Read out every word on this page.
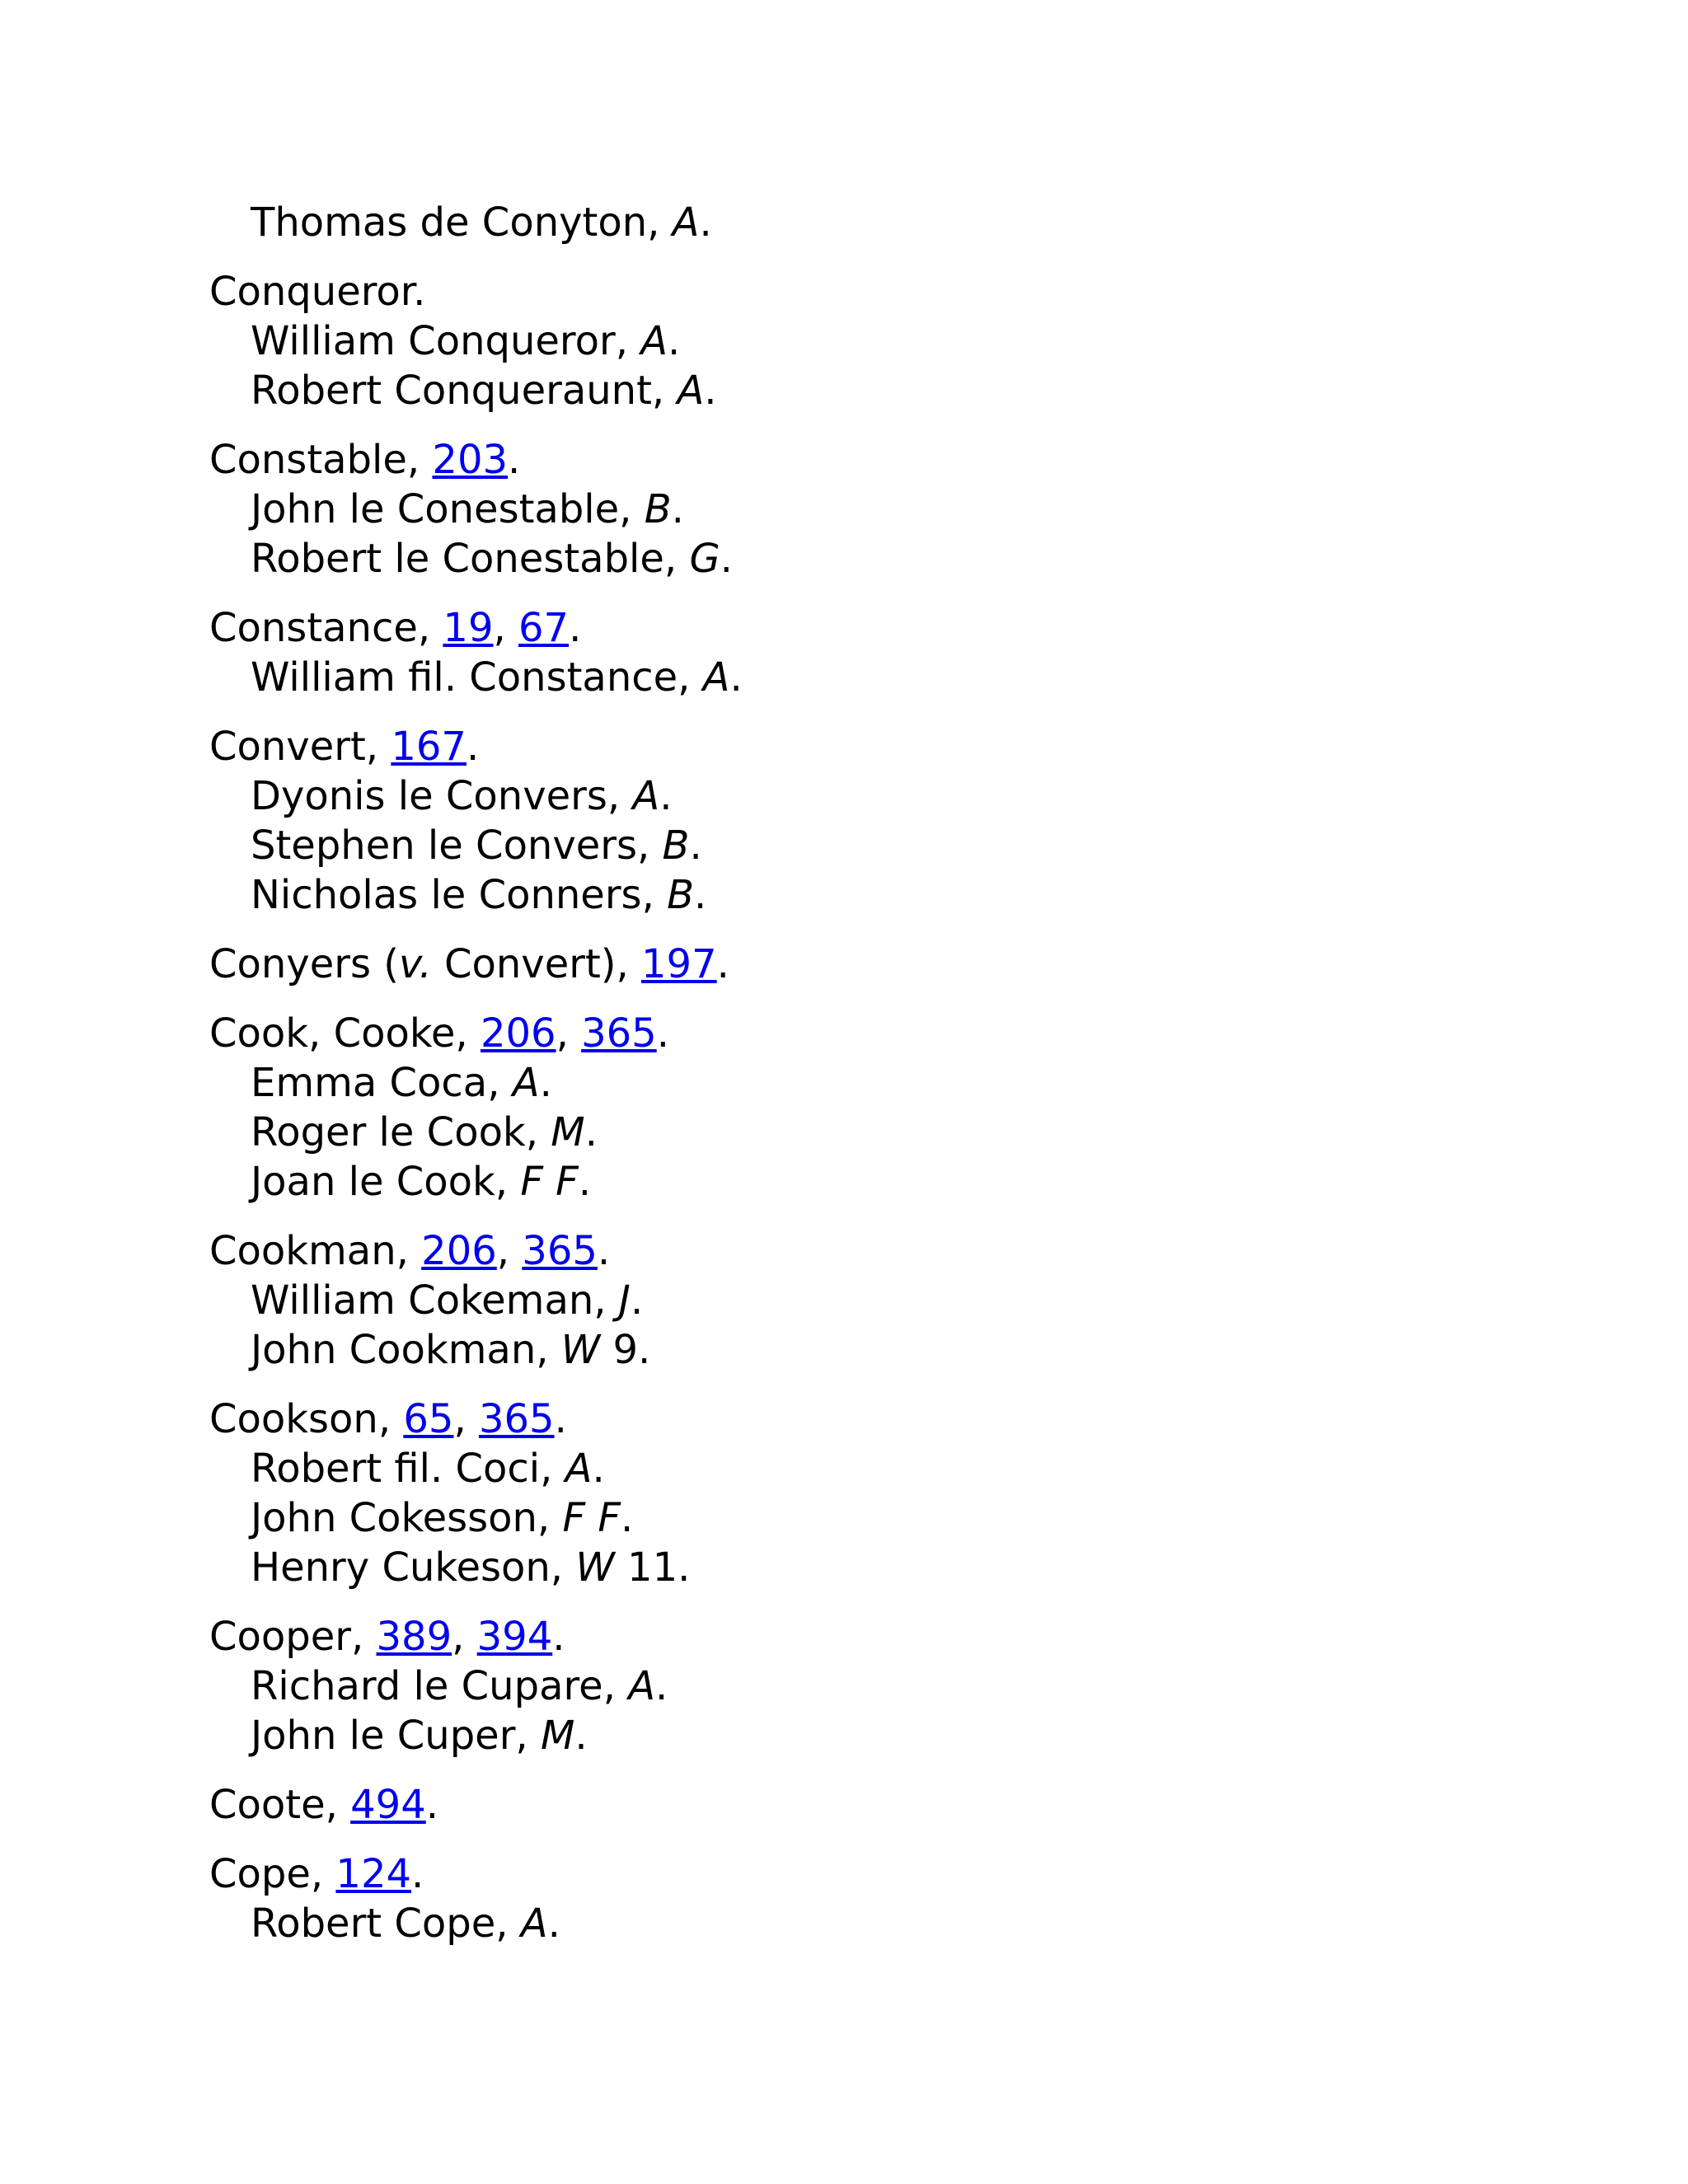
Thomas de Conyton, A.
Conqueror.
William Conqueror, A.
Robert Conqueraunt, A.
Constable, 203.
John le Conestable, B.
Robert le Conestable, G.
Constance, 19, 67.
William fil. Constance, A.
Convert, 167.
Dyonis le Convers, A.
Stephen le Convers, B.
Nicholas le Conners, B.
Conyers (v. Convert), 197.
Cook, Cooke, 206, 365.
Emma Coca, A.
Roger le Cook, M.
Joan le Cook, F F.
Cookman, 206, 365.
William Cokeman, J.
John Cookman, W 9.
Cookson, 65, 365.
Robert fil. Coci, A.
John Cokesson, F F.
Henry Cukeson, W 11.
Cooper, 389, 394.
Richard le Cupare, A.
John le Cuper, M.
Coote, 494.
Cope, 124.
Robert Cope, A.
